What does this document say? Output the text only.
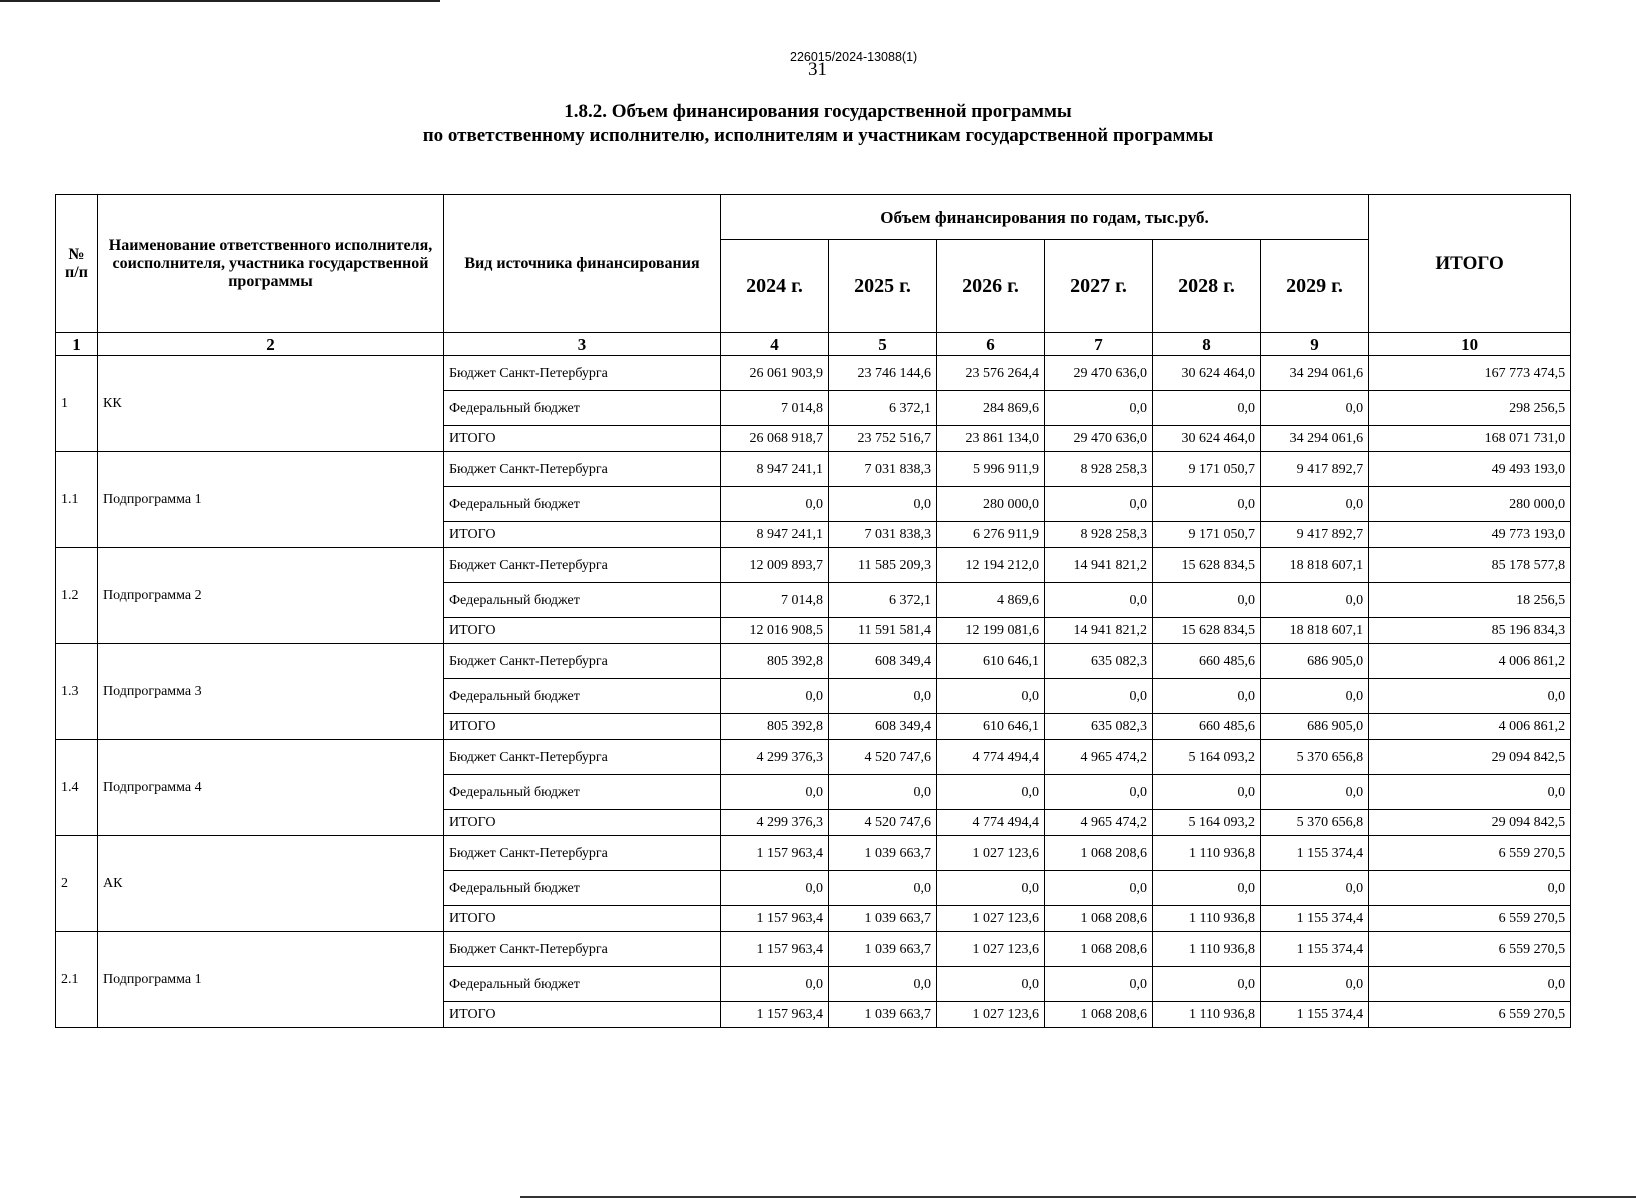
226015/2024-13088(1)
31
1.8.2. Объем финансирования государственной программы
по ответственному исполнителю, исполнителям и участникам государственной программы
№ п/п	Наименование ответственного исполнителя, соисполнителя, участника государственной программы	Вид источника финансирования	Объем финансирования по годам, тыс.руб.						ИТОГО
			2024 г.	2025 г.	2026 г.	2027 г.	2028 г.	2029 г.	
1	2	3	4	5	6	7	8	9	10
1	КК	Бюджет Санкт-Петербурга	26 061 903,9	23 746 144,6	23 576 264,4	29 470 636,0	30 624 464,0	34 294 061,6	167 773 474,5
		Федеральный бюджет	7 014,8	6 372,1	284 869,6	0,0	0,0	0,0	298 256,5
		ИТОГО	26 068 918,7	23 752 516,7	23 861 134,0	29 470 636,0	30 624 464,0	34 294 061,6	168 071 731,0
1.1	Подпрограмма 1	Бюджет Санкт-Петербурга	8 947 241,1	7 031 838,3	5 996 911,9	8 928 258,3	9 171 050,7	9 417 892,7	49 493 193,0
		Федеральный бюджет	0,0	0,0	280 000,0	0,0	0,0	0,0	280 000,0
		ИТОГО	8 947 241,1	7 031 838,3	6 276 911,9	8 928 258,3	9 171 050,7	9 417 892,7	49 773 193,0
1.2	Подпрограмма 2	Бюджет Санкт-Петербурга	12 009 893,7	11 585 209,3	12 194 212,0	14 941 821,2	15 628 834,5	18 818 607,1	85 178 577,8
		Федеральный бюджет	7 014,8	6 372,1	4 869,6	0,0	0,0	0,0	18 256,5
		ИТОГО	12 016 908,5	11 591 581,4	12 199 081,6	14 941 821,2	15 628 834,5	18 818 607,1	85 196 834,3
1.3	Подпрограмма 3	Бюджет Санкт-Петербурга	805 392,8	608 349,4	610 646,1	635 082,3	660 485,6	686 905,0	4 006 861,2
		Федеральный бюджет	0,0	0,0	0,0	0,0	0,0	0,0	0,0
		ИТОГО	805 392,8	608 349,4	610 646,1	635 082,3	660 485,6	686 905,0	4 006 861,2
1.4	Подпрограмма 4	Бюджет Санкт-Петербурга	4 299 376,3	4 520 747,6	4 774 494,4	4 965 474,2	5 164 093,2	5 370 656,8	29 094 842,5
		Федеральный бюджет	0,0	0,0	0,0	0,0	0,0	0,0	0,0
		ИТОГО	4 299 376,3	4 520 747,6	4 774 494,4	4 965 474,2	5 164 093,2	5 370 656,8	29 094 842,5
2	АК	Бюджет Санкт-Петербурга	1 157 963,4	1 039 663,7	1 027 123,6	1 068 208,6	1 110 936,8	1 155 374,4	6 559 270,5
		Федеральный бюджет	0,0	0,0	0,0	0,0	0,0	0,0	0,0
		ИТОГО	1 157 963,4	1 039 663,7	1 027 123,6	1 068 208,6	1 110 936,8	1 155 374,4	6 559 270,5
2.1	Подпрограмма 1	Бюджет Санкт-Петербурга	1 157 963,4	1 039 663,7	1 027 123,6	1 068 208,6	1 110 936,8	1 155 374,4	6 559 270,5
		Федеральный бюджет	0,0	0,0	0,0	0,0	0,0	0,0	0,0
		ИТОГО	1 157 963,4	1 039 663,7	1 027 123,6	1 068 208,6	1 110 936,8	1 155 374,4	6 559 270,5
